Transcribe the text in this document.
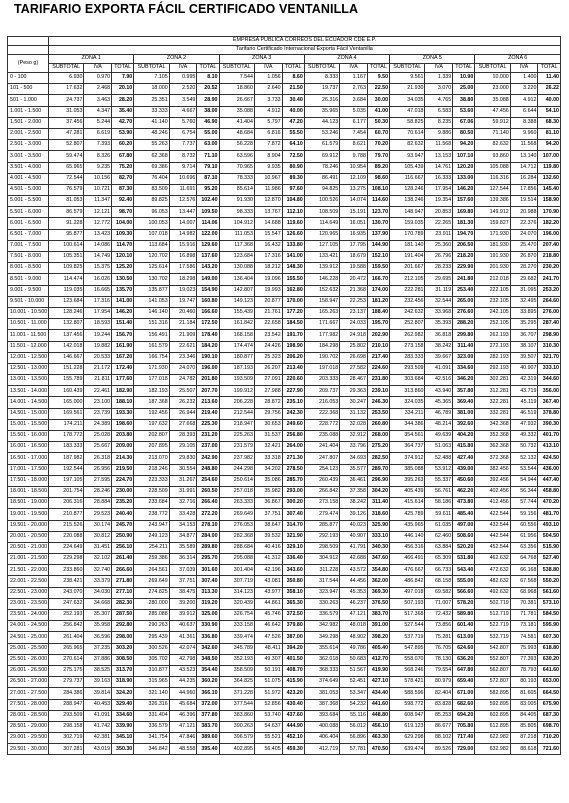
TARIFARIO EXPORTA FÁCIL CERTIFICADO VENTANILLA
	EMPRESA PÚBLICA CORREOS DEL ECUADOR CDE E.P.																	
	Tarifario Certificado Internacional Exporta Fácil Ventanilla																	
(Peso g)	ZONA 1			ZONA 2			ZONA 3			ZONA 4			ZONA 5			ZONA 6		
	SUBTOTAL	IVA	TOTAL	SUBTOTAL	IVA	TOTAL	SUBTOTAL	IVA	TOTAL	SUBTOTAL	IVA	TOTAL	SUBTOTAL	IVA	TOTAL	SUBTOTAL	IVA	TOTAL
0 - 100	6.930	0.970	7.90	7.105	0.995	8.10	7.544	1.056	8.60	8.333	1.167	9.50	9.561	1.339	10.90	10.000	1.400	11.40
101 - 500	17.632	2.468	20.10	18.000	2.520	20.52	18.860	2.640	21.50	19.737	2.763	22.50	21.930	3.070	25.00	23.000	3.220	26.22
501 - 1.000	24.737	3.463	28.20	25.351	3.549	28.90	26.667	3.733	30.40	26.316	3.684	30.00	34.035	4.765	38.80	35.088	4.912	40.00
1.001 - 1.500	31.053	4.347	35.40	33.333	4.667	38.00	35.088	4.912	40.00	35.965	5.035	41.00	47.018	6.583	53.60	47.456	6.644	54.10
1.501 - 2.000	37.456	5.244	42.70	41.140	5.760	46.90	41.404	5.797	47.20	44.123	6.177	50.30	58.825	8.235	67.06	59.912	8.388	68.30
2.001 - 2.500	47.281	6.619	53.90	48.246	6.754	55.00	48.684	6.816	55.50	53.246	7.454	60.70	70.614	9.886	80.50	71.140	9.960	81.10
2.501 - 3.000	52.807	7.393	60.20	55.263	7.737	63.00	56.228	7.872	64.10	61.579	8.621	70.20	82.632	11.568	94.20	82.632	11.568	94.20
3.001 - 3.500	59.474	8.326	67.80	62.368	8.732	71.10	63.596	8.904	72.50	69.912	9.788	79.70	93.947	13.153	107.10	93.860	13.140	107.00
3.501 - 4.000	65.965	9.235	75.20	69.386	9.714	79.10	70.965	9.935	80.90	78.246	10.954	89.20	105.439	14.761	120.20	105.088	14.712	119.80
4.001 - 4.500	72.544	10.156	82.70	76.404	10.696	87.10	78.333	10.967	89.30	86.491	12.109	98.60	116.667	16.333	133.00	116.316	16.284	132.60
4.501 - 5.000	76.579	10.721	87.30	83.509	11.691	95.20	85.614	11.986	97.60	94.825	13.275	108.10	128.246	17.954	146.20	127.544	17.856	145.40
5.001 - 5.500	81.053	11.347	92.40	89.825	12.576	102.40	91.930	12.870	104.80	100.526	14.074	114.60	138.246	19.354	157.60	139.386	19.514	158.90
5.501 - 6.000	86.579	12.121	98.70	96.053	13.447	109.50	98.333	13.767	112.10	108.509	15.191	123.70	148.947	20.853	169.80	149.912	20.988	170.90
6.001 - 6.500	91.228	12.772	104.00	100.053	14.007	114.06	104.912	14.688	119.60	114.649	16.051	130.70	159.035	22.265	181.30	159.827	22.376	182.20
6.501 - 7.000	95.877	13.423	109.30	107.018	14.982	122.00	111.053	15.547	126.60	120.965	16.935	137.90	170.789	23.911	194.70	171.930	24.070	196.00
7.001 - 7.500	100.614	14.086	114.70	113.684	15.916	129.60	117.368	16.432	133.80	127.105	17.795	144.90	181.140	25.360	206.50	181.930	25.470	207.40
7.501 - 8.000	105.351	14.749	120.10	120.702	16.898	137.60	123.684	17.316	141.00	133.421	18.679	152.10	191.404	26.796	218.20	191.930	26.870	218.80
8.001 - 8.500	109.825	15.375	125.20	125.614	17.586	143.20	130.088	18.212	148.30	139.912	19.588	159.50	201.667	28.233	229.90	201.930	28.270	230.20
8.501 - 9.000	114.474	16.026	130.50	130.702	18.298	149.00	136.404	19.096	155.50	146.228	20.472	166.70	212.105	29.695	241.80	212.018	29.682	241.70
9.001 - 9.500	119.035	16.665	135.70	135.877	19.023	154.90	142.807	19.993	162.80	152.632	21.368	174.00	222.281	31.119	253.40	222.105	31.095	253.20
9.501 - 10.000	123.684	17.316	141.00	141.053	19.747	160.80	149.123	20.877	170.00	158.947	22.253	181.20	232.456	32.544	265.00	232.105	32.495	264.60
10.001 - 10.500	128.246	17.954	146.20	146.140	20.460	166.60	155.439	21.761	177.20	165.263	23.137	188.40	242.632	33.968	276.60	242.105	33.895	276.00
10.501 - 11.000	132.807	18.593	151.40	151.316	21.184	172.50	161.842	22.658	184.50	171.667	24.033	195.70	252.807	35.393	288.20	252.105	35.295	287.40
11.001 - 11.500	137.456	19.244	156.70	156.491	21.909	178.40	168.158	23.542	191.70	177.982	24.918	202.90	262.982	36.818	299.80	262.193	36.707	298.90
11.501 - 12.000	142.018	19.882	161.90	161.579	22.621	184.20	174.474	24.426	198.90	184.298	25.802	210.10	273.158	38.242	311.40	272.193	38.107	310.30
12.001 - 12.500	146.667	20.533	167.20	166.754	23.346	190.10	180.877	25.323	206.20	190.702	26.698	217.40	283.333	39.667	323.00	282.193	39.507	321.70
12.501 - 13.000	151.228	21.172	172.40	171.930	24.070	196.00	187.193	26.207	213.40	197.018	27.582	224.60	293.509	41.091	334.60	292.193	40.907	333.10
13.001 - 13.500	155.789	21.811	177.60	177.018	24.782	201.80	193.509	27.091	220.60	203.333	28.467	231.80	303.684	42.516	346.20	302.281	42.319	344.60
13.501 - 14.000	160.439	22.461	182.90	182.193	25.507	207.70	199.912	27.988	227.90	209.737	29.363	239.10	313.860	43.940	357.80	312.281	43.719	356.00
14.001 - 14.500	165.000	23.100	188.10	187.368	26.232	213.60	206.228	28.872	235.10	216.053	30.247	246.30	324.035	45.365	369.40	322.281	45.119	367.40
14.501 - 15.000	169.561	23.739	193.30	192.456	26.944	219.40	212.544	29.756	242.30	222.368	31.132	253.50	334.211	46.789	381.00	332.281	46.519	378.80
15.001 - 15.500	174.211	24.389	198.60	197.632	27.668	225.30	218.947	30.653	249.60	228.772	32.028	260.80	344.386	48.214	392.60	342.368	47.932	390.30
15.501 - 16.000	178.772	25.028	203.80	202.807	28.393	231.20	225.263	31.537	256.80	235.088	32.912	268.00	354.561	49.639	404.20	352.368	49.332	401.70
16.001 - 16.500	183.333	25.667	209.00	207.895	29.105	237.00	231.579	32.421	264.00	241.404	33.796	275.20	364.737	51.063	415.80	362.368	50.732	413.10
16.501 - 17.000	187.982	26.318	214.30	213.070	29.830	242.90	237.982	33.318	271.30	247.807	34.693	282.50	374.912	52.488	427.40	372.368	52.132	424.50
17.001 - 17.500	192.544	26.956	219.50	218.246	30.554	248.80	244.298	34.202	278.50	254.123	35.577	289.70	385.088	53.912	439.00	382.456	53.544	436.00
17.501 - 18.000	197.105	27.595	224.70	223.333	31.267	254.60	250.614	35.086	285.70	260.439	36.461	296.90	395.263	55.337	450.60	392.456	54.944	447.40
18.001 - 18.500	201.754	28.246	230.00	228.509	31.991	260.50	257.018	35.982	293.00	266.842	37.358	304.20	405.439	56.761	462.20	402.456	56.344	458.80
18.501 - 19.000	206.316	28.884	235.20	233.684	32.716	266.40	263.333	36.867	300.20	273.158	38.242	311.40	415.614	58.186	473.80	412.456	57.744	470.20
19.001 - 19.500	210.877	29.523	240.40	238.772	33.428	272.20	269.649	37.751	307.40	279.474	39.126	318.60	425.789	59.611	485.40	422.544	59.156	481.70
19.501 - 20.000	215.526	30.174	245.70	243.947	34.153	278.10	276.053	38.647	314.70	285.877	40.023	325.90	435.965	61.035	497.00	432.544	60.556	493.10
20.001 - 20.500	220.088	30.812	250.90	249.123	34.877	284.00	282.368	39.532	321.90	292.193	40.907	333.10	446.140	62.460	508.60	442.544	61.956	504.50
20.501 - 21.000	224.649	31.451	256.10	254.211	35.589	289.80	288.684	40.416	329.10	298.509	41.791	340.30	456.316	63.884	520.20	452.544	63.356	515.90
21.001 - 21.500	229.298	32.102	261.40	259.386	36.314	295.70	295.088	41.312	336.40	304.912	42.688	347.60	466.491	65.309	531.80	462.632	64.768	527.40
21.501 - 22.000	233.860	32.740	266.60	264.561	37.039	301.60	301.404	42.196	343.60	311.228	43.572	354.80	476.667	66.733	543.40	472.632	66.168	538.80
22.001 - 22.500	238.421	33.379	271.80	269.649	37.751	307.40	307.719	43.081	350.80	317.544	44.456	362.00	486.842	68.158	555.00	482.632	67.568	550.20
22.501 - 23.000	243.070	34.030	277.10	274.825	38.475	313.30	314.123	43.977	358.10	323.947	45.353	369.30	497.018	69.582	566.60	492.632	68.968	561.60
23.001 - 23.500	247.632	34.668	282.30	280.000	39.200	319.20	320.439	44.861	365.30	330.263	46.237	376.50	507.193	71.007	578.20	502.719	70.381	573.10
23.501 - 24.000	252.193	35.307	287.50	285.088	39.912	325.00	326.754	45.746	372.50	336.579	47.121	383.70	517.368	72.432	589.80	512.719	71.781	584.50
24.001 - 24.500	256.842	35.958	292.80	290.263	40.637	330.90	333.158	46.642	379.80	342.982	48.018	391.00	527.544	73.856	601.40	522.719	73.181	595.90
24.501 - 25.000	261.404	36.596	298.00	295.439	41.361	336.80	339.474	47.526	387.00	349.298	48.902	398.20	537.719	75.281	613.00	532.719	74.581	607.30
25.001 - 25.500	265.965	37.235	303.20	300.526	42.074	342.60	345.789	48.411	394.20	355.614	49.786	405.40	547.895	76.705	624.60	542.807	75.993	618.80
25.501 - 26.000	270.614	37.886	308.50	305.702	42.798	348.50	352.193	49.307	401.50	362.018	50.683	412.70	558.070	78.130	636.20	552.807	77.393	630.20
26.001 - 26.500	275.175	38.525	313.70	310.877	43.523	354.40	358.509	50.191	408.70	368.333	51.567	419.90	568.246	79.554	647.80	562.807	78.793	641.60
26.501 - 27.000	279.737	39.163	318.90	315.965	44.235	360.20	364.825	51.075	415.90	374.649	52.451	427.10	578.421	80.979	659.40	572.807	80.193	653.00
27.001 - 27.500	284.386	39.814	324.20	321.140	44.960	366.10	371.228	51.972	423.20	381.053	53.347	434.40	588.596	82.404	671.00	582.895	81.605	664.50
27.501 - 28.000	288.947	40.453	329.40	326.316	45.684	372.00	377.544	52.856	430.40	387.368	54.232	441.60	598.772	83.828	682.60	592.895	83.005	675.90
28.001 - 28.500	293.509	41.091	334.60	331.404	46.396	377.80	383.860	53.740	437.60	393.684	55.116	448.80	608.947	85.253	694.20	602.895	84.405	687.30
28.501 - 29.000	298.158	41.742	339.90	336.579	47.121	383.70	390.263	54.637	444.90	400.088	56.012	456.10	619.123	86.677	705.80	612.895	85.805	698.70
29.001 - 29.500	302.719	42.381	345.10	341.754	47.846	389.60	396.579	55.521	452.10	406.404	56.896	463.30	629.298	88.102	717.40	622.982	87.218	710.20
29.501 - 30.000	307.281	43.019	350.30	346.842	48.558	395.40	402.895	56.405	459.30	412.719	57.781	470.50	639.474	89.526	729.00	632.982	88.618	721.60
